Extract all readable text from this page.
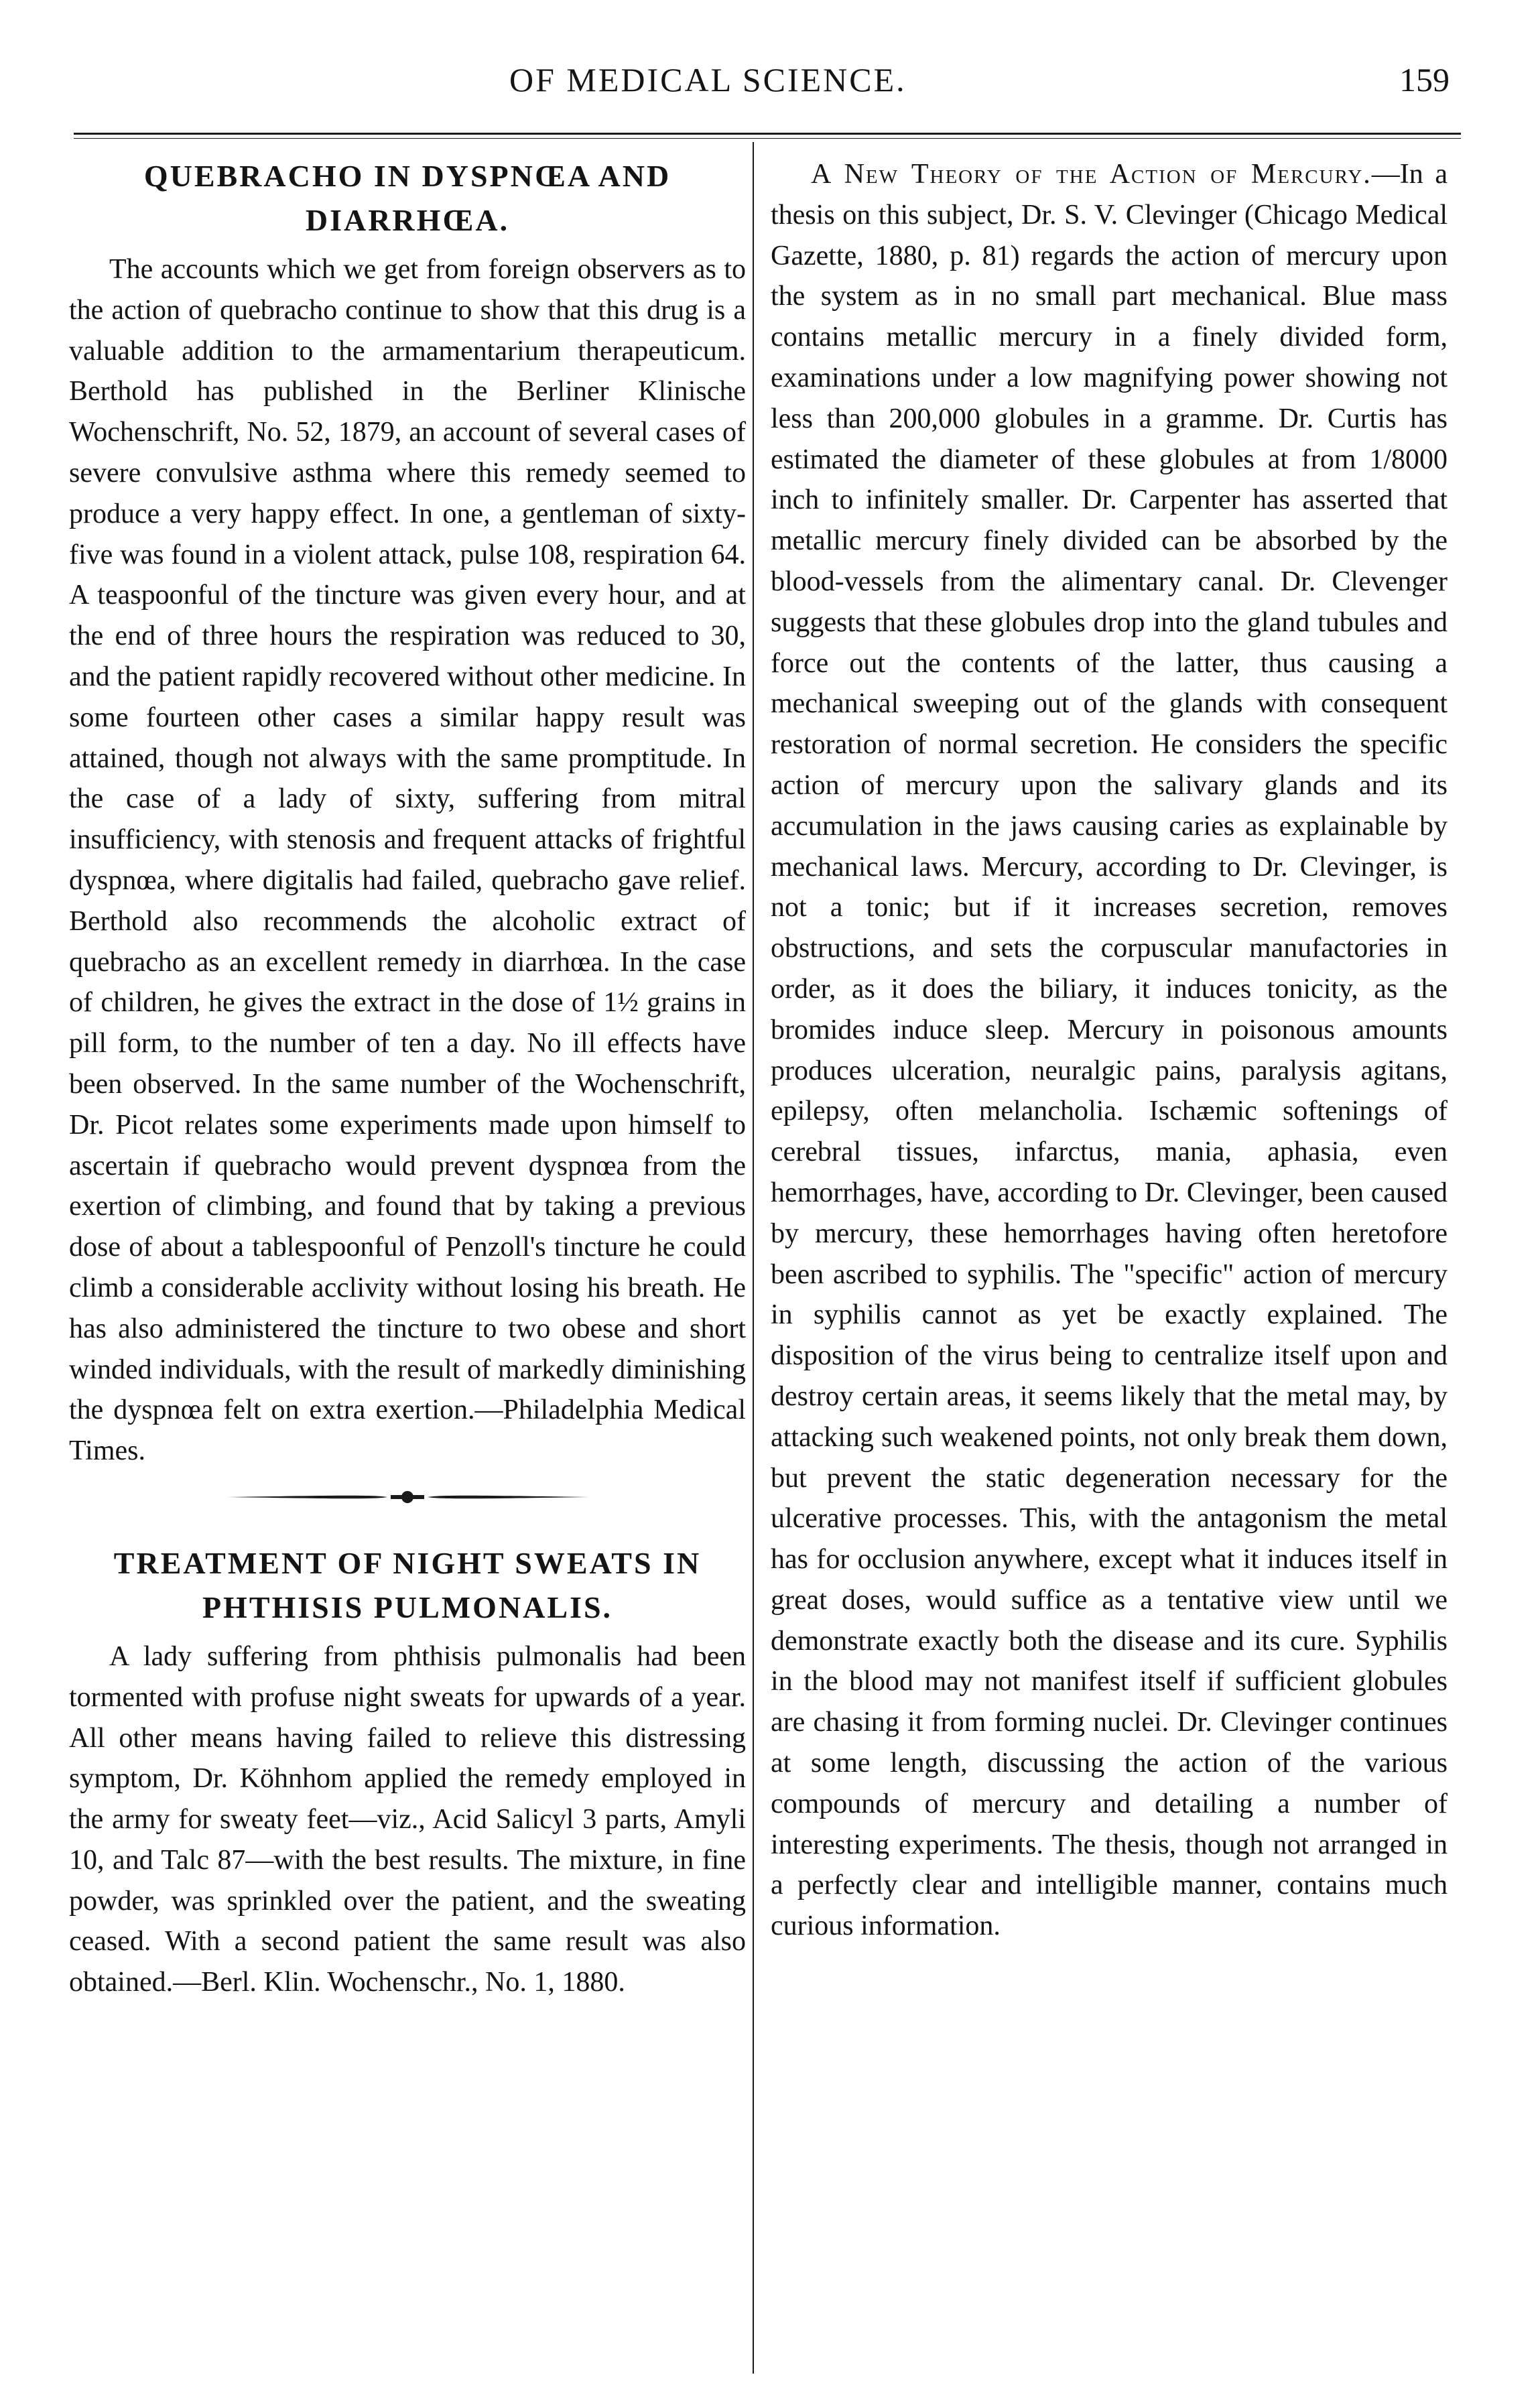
OF MEDICAL SCIENCE.	159
QUEBRACHO IN DYSPNŒA AND DIARRHŒA.

The accounts which we get from foreign observers as to the action of quebracho continue to show that this drug is a valuable addition to the armamentarium therapeuticum. Berthold has published in the Berliner Klinische Wochenschrift, No. 52, 1879, an account of several cases of severe convulsive asthma where this remedy seemed to produce a very happy effect. In one, a gentleman of sixty-five was found in a violent attack, pulse 108, respiration 64. A teaspoonful of the tincture was given every hour, and at the end of three hours the respiration was reduced to 30, and the patient rapidly recovered without other medicine. In some fourteen other cases a similar happy result was attained, though not always with the same promptitude. In the case of a lady of sixty, suffering from mitral insufficiency, with stenosis and frequent attacks of frightful dyspnœa, where digitalis had failed, quebracho gave relief. Berthold also recommends the alcoholic extract of quebracho as an excellent remedy in diarrhœa. In the case of children, he gives the extract in the dose of 1½ grains in pill form, to the number of ten a day. No ill effects have been observed. In the same number of the Wochenschrift, Dr. Picot relates some experiments made upon himself to ascertain if quebracho would prevent dyspnœa from the exertion of climbing, and found that by taking a previous dose of about a tablespoonful of Penzoll's tincture he could climb a considerable acclivity without losing his breath. He has also administered the tincture to two obese and short winded individuals, with the result of markedly diminishing the dyspnœa felt on extra exertion.—Philadelphia Medical Times.

TREATMENT OF NIGHT SWEATS IN PHTHISIS PULMONALIS.

A lady suffering from phthisis pulmonalis had been tormented with profuse night sweats for upwards of a year. All other means having failed to relieve this distressing symptom, Dr. Köhnhom applied the remedy employed in the army for sweaty feet—viz., Acid Salicyl 3 parts, Amyli 10, and Talc 87—with the best results. The mixture, in fine powder, was sprinkled over the patient, and the sweating ceased. With a second patient the same result was also obtained.—Berl. Klin. Wochenschr., No. 1, 1880.

A New Theory of the Action of Mercury.—In a thesis on this subject, Dr. S. V. Clevinger (Chicago Medical Gazette, 1880, p. 81) regards the action of mercury upon the system as in no small part mechanical. Blue mass contains metallic mercury in a finely divided form, examinations under a low magnifying power showing not less than 200,000 globules in a gramme. Dr. Curtis has estimated the diameter of these globules at from 1/8000 inch to infinitely smaller. Dr. Carpenter has asserted that metallic mercury finely divided can be absorbed by the blood-vessels from the alimentary canal. Dr. Clevenger suggests that these globules drop into the gland tubules and force out the contents of the latter, thus causing a mechanical sweeping out of the glands with consequent restoration of normal secretion. He considers the specific action of mercury upon the salivary glands and its accumulation in the jaws causing caries as explainable by mechanical laws. Mercury, according to Dr. Clevinger, is not a tonic; but if it increases secretion, removes obstructions, and sets the corpuscular manufactories in order, as it does the biliary, it induces tonicity, as the bromides induce sleep. Mercury in poisonous amounts produces ulceration, neuralgic pains, paralysis agitans, epilepsy, often melancholia. Ischæmic softenings of cerebral tissues, infarctus, mania, aphasia, even hemorrhages, have, according to Dr. Clevinger, been caused by mercury, these hemorrhages having often heretofore been ascribed to syphilis. The "specific" action of mercury in syphilis cannot as yet be exactly explained. The disposition of the virus being to centralize itself upon and destroy certain areas, it seems likely that the metal may, by attacking such weakened points, not only break them down, but prevent the static degeneration necessary for the ulcerative processes. This, with the antagonism the metal has for occlusion anywhere, except what it induces itself in great doses, would suffice as a tentative view until we demonstrate exactly both the disease and its cure. Syphilis in the blood may not manifest itself if sufficient globules are chasing it from forming nuclei. Dr. Clevinger continues at some length, discussing the action of the various compounds of mercury and detailing a number of interesting experiments. The thesis, though not arranged in a perfectly clear and intelligible manner, contains much curious information.
